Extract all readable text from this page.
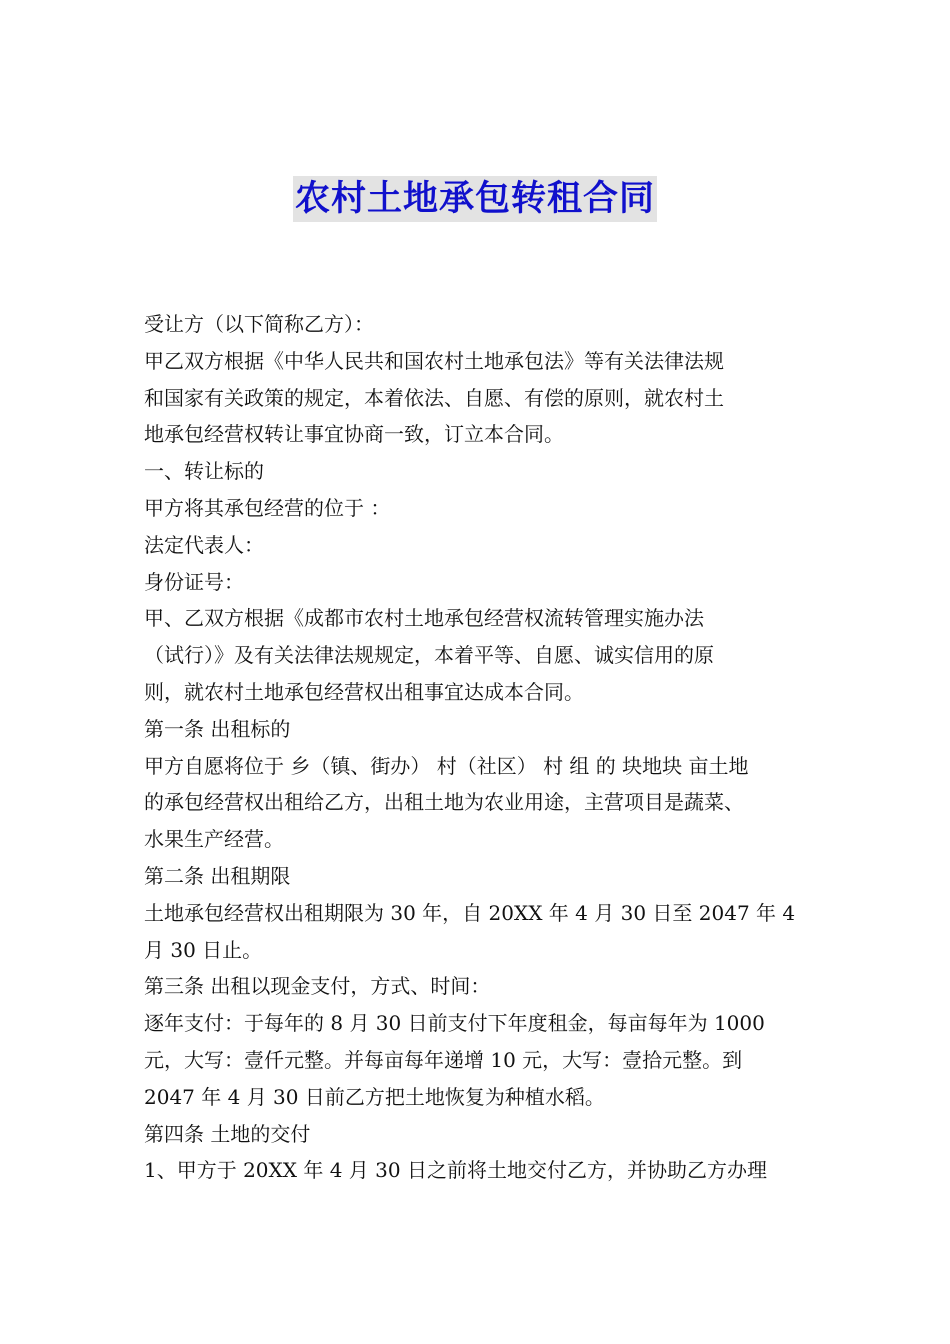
农村土地承包转租合同
受让方（以下简称乙方）：
甲乙双方根据《中华人民共和国农村土地承包法》等有关法律法规
和国家有关政策的规定，本着依法、自愿、有偿的原则，就农村土
地承包经营权转让事宜协商一致，订立本合同。
一、转让标的
甲方将其承包经营的位于 ：
法定代表人：
身份证号：
甲、乙双方根据《成都市农村土地承包经营权流转管理实施办法
（试行）》及有关法律法规规定，本着平等、自愿、诚实信用的原
则，就农村土地承包经营权出租事宜达成本合同。
第一条 出租标的
甲方自愿将位于 乡（镇、街办） 村（社区） 村 组 的 块地块 亩土地
的承包经营权出租给乙方，出租土地为农业用途，主营项目是蔬菜、
水果生产经营。
第二条 出租期限
土地承包经营权出租期限为 30 年，自 20XX 年 4 月 30 日至 2047 年 4
月 30 日止。
第三条 出租以现金支付，方式、时间：
逐年支付：于每年的 8 月 30 日前支付下年度租金，每亩每年为 1000
元，大写：壹仟元整。并每亩每年递增 10 元，大写：壹拾元整。到
2047 年 4 月 30 日前乙方把土地恢复为种植水稻。
第四条 土地的交付
1、甲方于 20XX 年 4 月 30 日之前将土地交付乙方，并协助乙方办理
